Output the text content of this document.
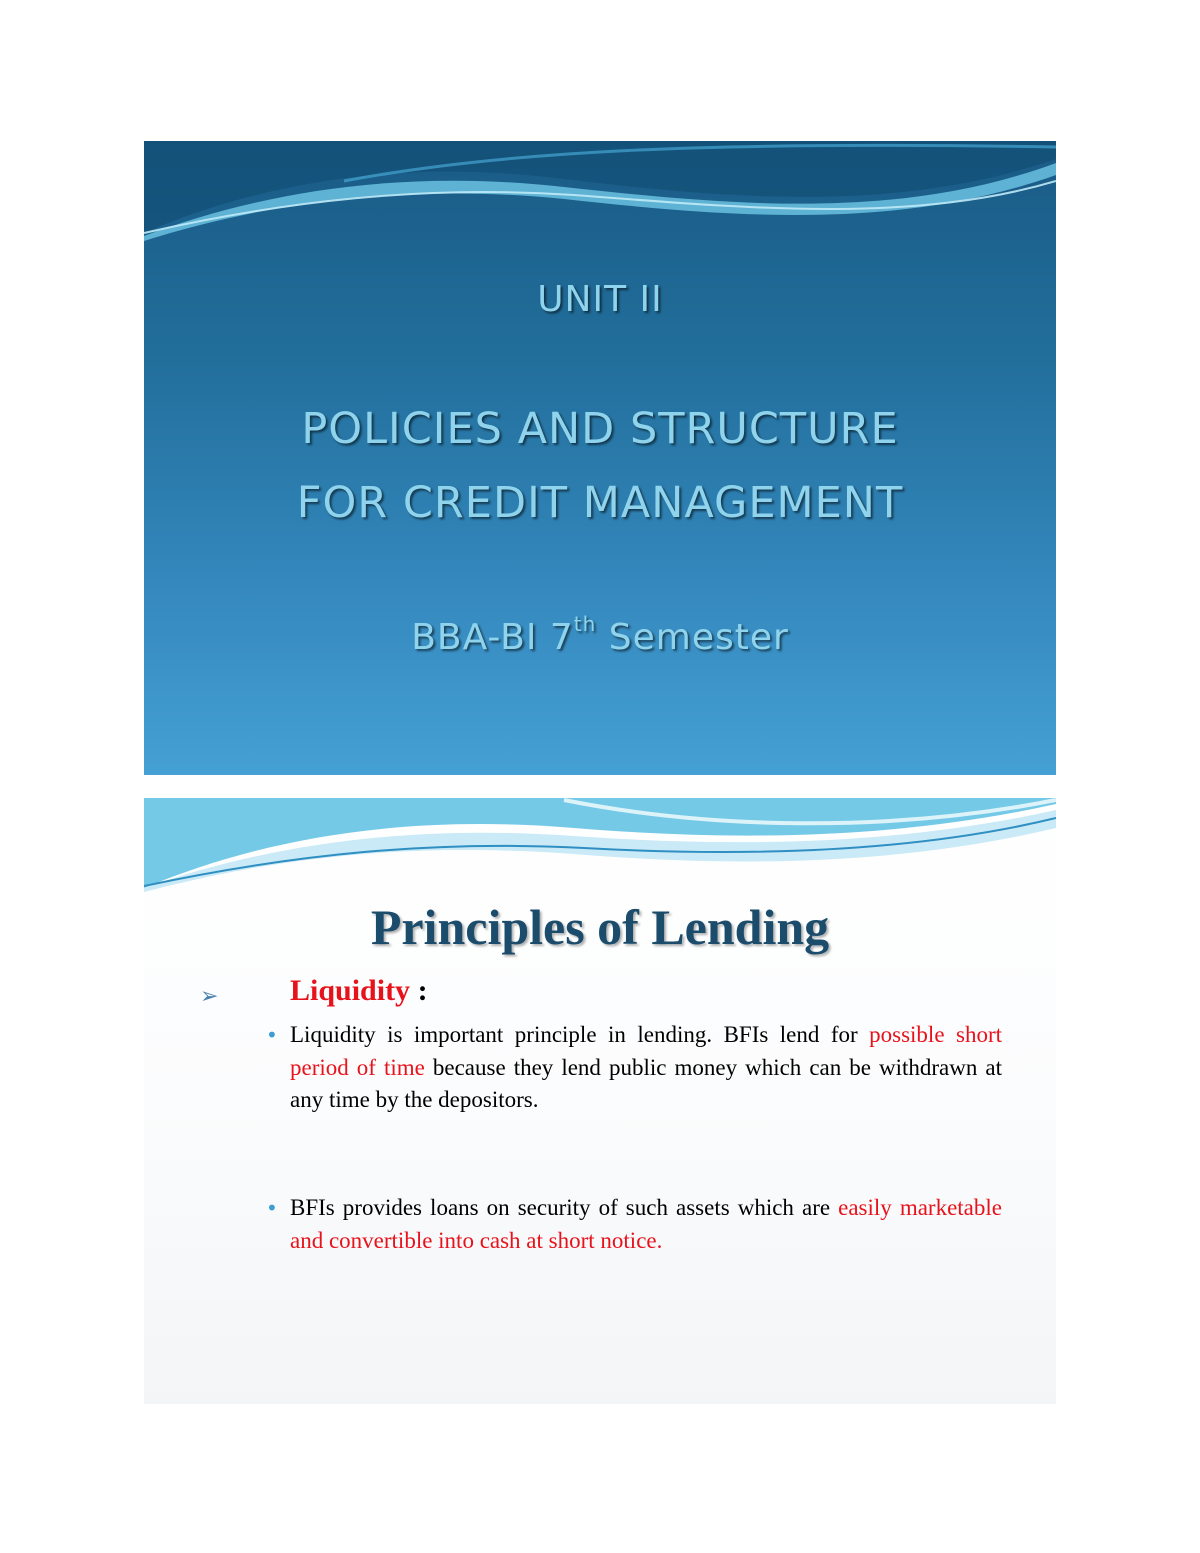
UNIT II
POLICIES AND STRUCTURE
FOR CREDIT MANAGEMENT
BBA-BI 7th Semester
Principles of Lending
➢ Liquidity :
• Liquidity is important principle in lending. BFIs lend for possible short period of time because they lend public money which can be withdrawn at any time by the depositors.
• BFIs provides loans on security of such assets which are easily marketable and convertible into cash at short notice.
